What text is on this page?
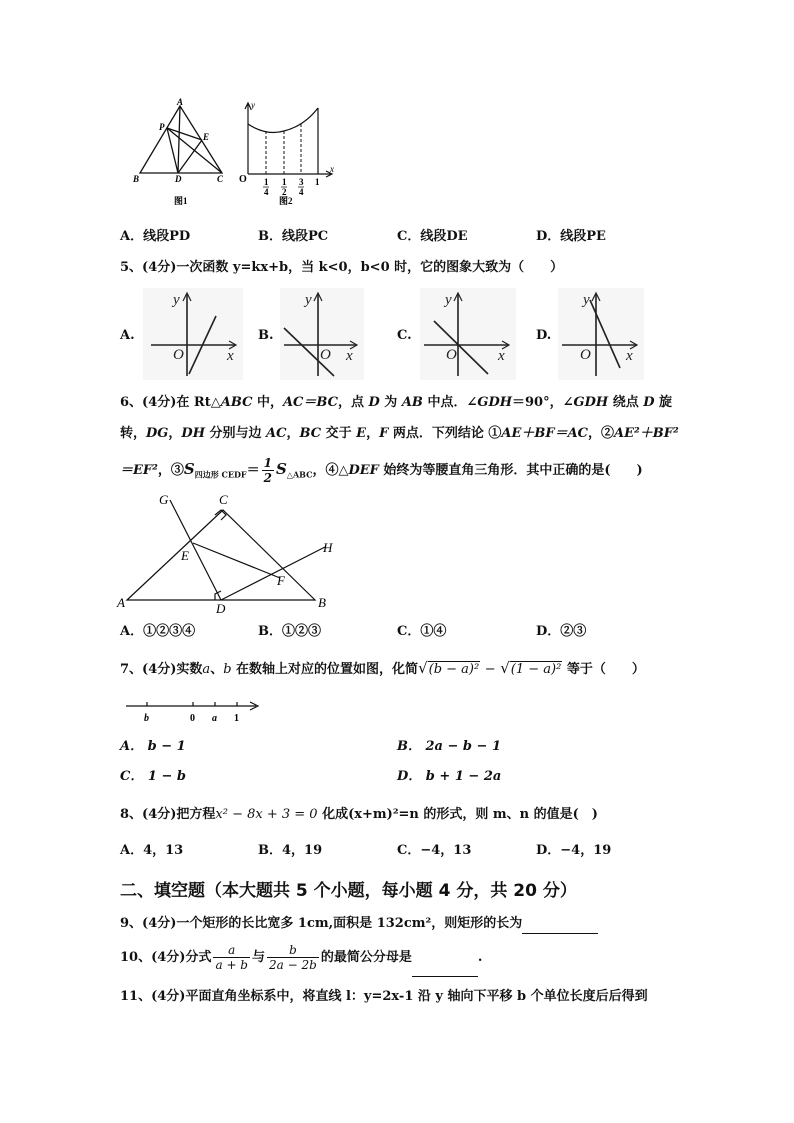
A
P
E
B	D	C
图1
y
x
O 1
4
1
2
3
4
1
图2
A．线段PD	B．线段PC	C．线段DE	D．线段PE
5、(4分)一次函数 y=kx+b，当 k<0，b<0 时，它的图象大致为（　　）
A.
y
O	x
B.
y
O x
C.
y
O	x
D.
y
O x
6、(4分)在 Rt△ABC 中，AC＝BC，点 D 为 AB 中点．∠GDH＝90°，∠GDH 绕点 D 旋
转，DG，DH 分别与边 AC，BC 交于 E，F 两点．下列结论 ①AE＋BF＝AC，②AE²＋BF²
＝EF²，$③S_{四边形 CEDF}= \frac{1}{2} S_{\triangle ABC}$，④△DEF 始终为等腰直角三角形．其中正确的是(　　)
G	C
H
E
F
A	D	B
A．①②③④	B．①②③	C．①④	D．②③
7、(4分)实数a、b 在数轴上对应的位置如图，化简√(b − a)² − √(1 − a)² 等于（　　）
b	0 a 1
A． b − 1	B． 2a − b − 1
C． 1 − b	D． b + 1 − 2a
8、(4分)把方程x² − 8x + 3 = 0 化成(x+m)²=n 的形式，则 m、n 的值是(　)
A．4，13	B．4，19	C．−4，13	D．−4，19
二、填空题（本大题共 5 个小题，每小题 4 分，共 20 分）
9、(4分)一个矩形的长比宽多 1cm,面积是 132cm²，则矩形的长为
10、(4分)分式 $\frac{a}{a + b}$ 与 $\frac{b}{2a - 2b}$ 的最简公分母是	.
11、(4分)平面直角坐标系中，将直线 l：y=2x-1 沿 y 轴向下平移 b 个单位长度后后得到
